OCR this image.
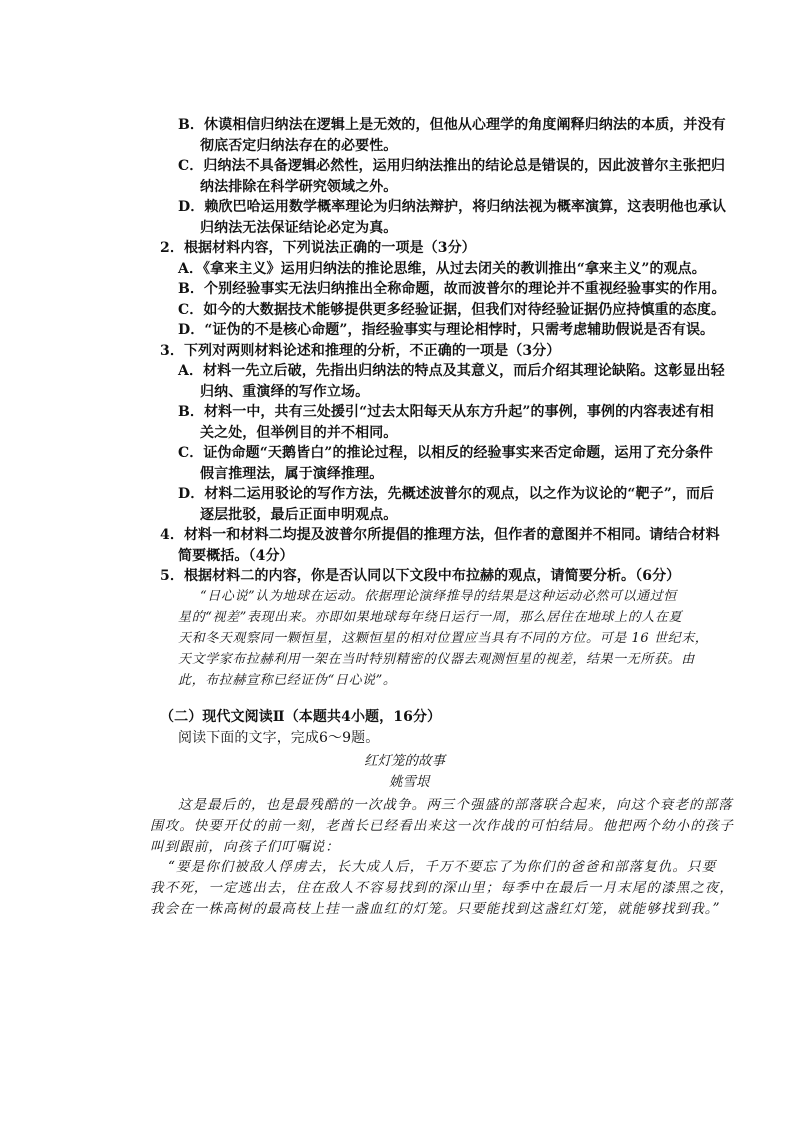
B．休谟相信归纳法在逻辑上是无效的，但他从心理学的角度阐释归纳法的本质，并没有
彻底否定归纳法存在的必要性。
C．归纳法不具备逻辑必然性，运用归纳法推出的结论总是错误的，因此波普尔主张把归
纳法排除在科学研究领域之外。
D．赖欣巴哈运用数学概率理论为归纳法辩护，将归纳法视为概率演算，这表明他也承认
归纳法无法保证结论必定为真。
2．根据材料内容，下列说法正确的一项是（3分）
A．《拿来主义》运用归纳法的推论思维，从过去闭关的教训推出“拿来主义”的观点。
B．个别经验事实无法归纳推出全称命题，故而波普尔的理论并不重视经验事实的作用。
C．如今的大数据技术能够提供更多经验证据，但我们对待经验证据仍应持慎重的态度。
D．“证伪的不是核心命题”，指经验事实与理论相悖时，只需考虑辅助假说是否有误。
3．下列对两则材料论述和推理的分析，不正确的一项是（3分）
A．材料一先立后破，先指出归纳法的特点及其意义，而后介绍其理论缺陷。这彰显出轻
归纳、重演绎的写作立场。
B．材料一中，共有三处援引“过去太阳每天从东方升起”的事例，事例的内容表述有相
关之处，但举例目的并不相同。
C．证伪命题“天鹅皆白”的推论过程，以相反的经验事实来否定命题，运用了充分条件
假言推理法，属于演绎推理。
D．材料二运用驳论的写作方法，先概述波普尔的观点，以之作为议论的“靶子”，而后
逐层批驳，最后正面申明观点。
4．材料一和材料二均提及波普尔所提倡的推理方法，但作者的意图并不相同。请结合材料
简要概括。（4分）
5．根据材料二的内容，你是否认同以下文段中布拉赫的观点，请简要分析。（6分）
“日心说”认为地球在运动。依据理论演绎推导的结果是这种运动必然可以通过恒
星的“视差”表现出来。亦即如果地球每年绕日运行一周，那么居住在地球上的人在夏
天和冬天观察同一颗恒星，这颗恒星的相对位置应当具有不同的方位。可是 16 世纪末，
天文学家布拉赫利用一架在当时特别精密的仪器去观测恒星的视差，结果一无所获。由
此，布拉赫宣称已经证伪“日心说”。
（二）现代文阅读Ⅱ（本题共4小题，16分）
阅读下面的文字，完成6～9题。
红灯笼的故事
姚雪垠
这是最后的，也是最残酷的一次战争。两三个强盛的部落联合起来，向这个衰老的部落
围攻。快要开仗的前一刻，老酋长已经看出来这一次作战的可怕结局。他把两个幼小的孩子
叫到跟前，向孩子们叮嘱说：
“要是你们被敌人俘虏去，长大成人后，千万不要忘了为你们的爸爸和部落复仇。只要
我不死，一定逃出去，住在敌人不容易找到的深山里；每季中在最后一月末尾的漆黑之夜，
我会在一株高树的最高枝上挂一盏血红的灯笼。只要能找到这盏红灯笼，就能够找到我。”
